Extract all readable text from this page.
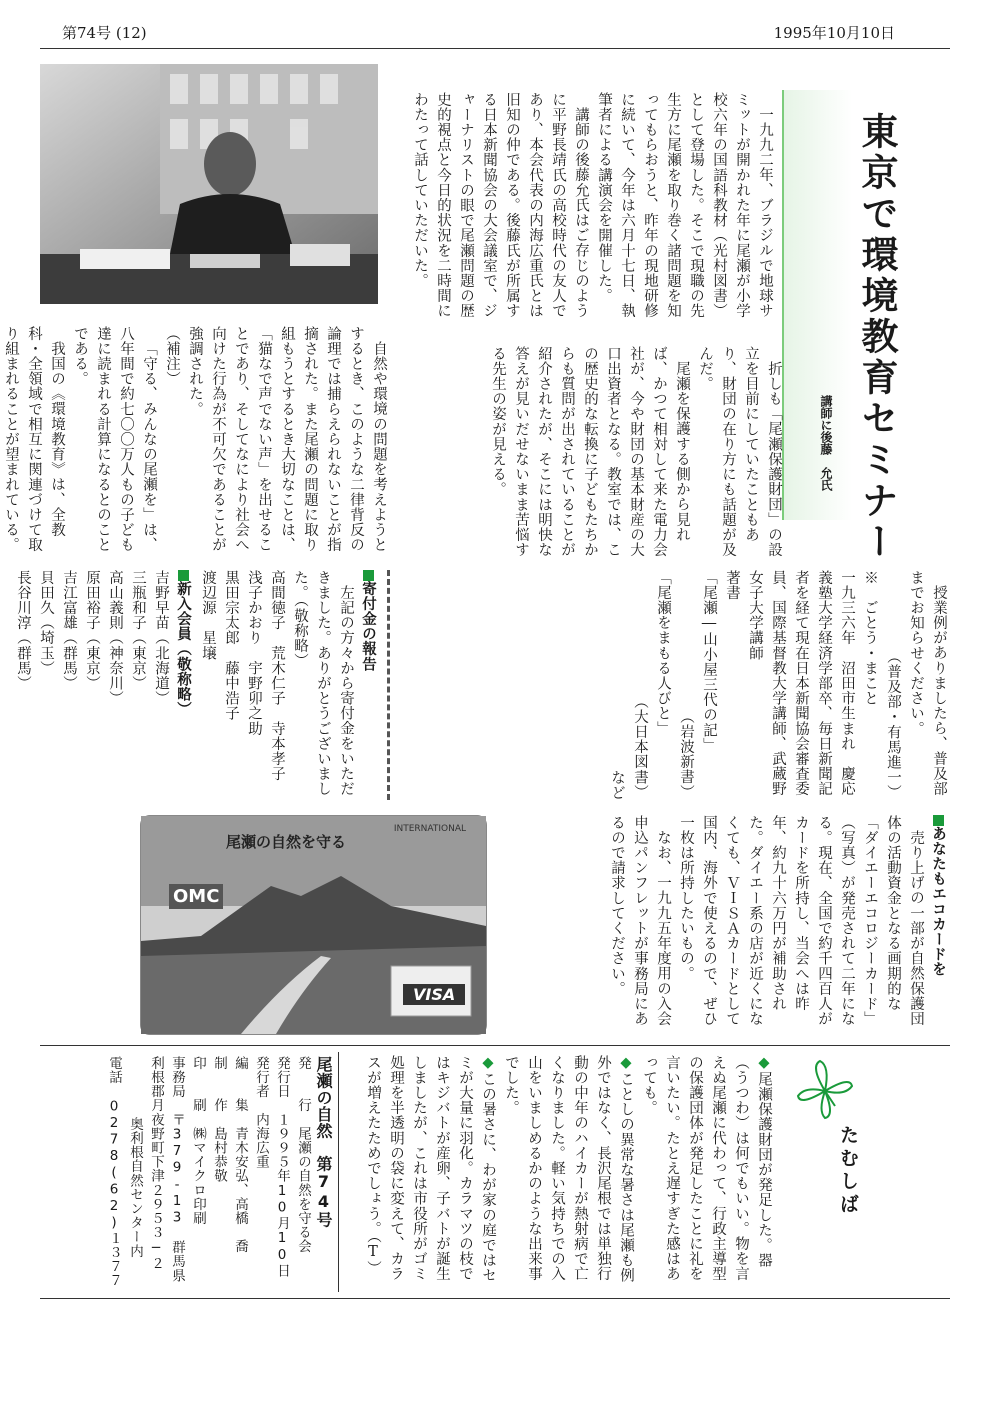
第74号 (12)	1995年10月10日

一九九二年、ブラジルで地球サミットが開かれた年に尾瀬が小学校六年の国語科教材（光村図書）として登場した。そこで現職の先生方に尾瀬を取り巻く諸問題を知ってもらおうと、昨年の現地研修に続いて、今年は六月十七日、執筆者による講演会を開催した。

講師の後藤允氏はご存じのように平野長靖氏の高校時代の友人であり、本会代表の内海広重氏とは旧知の仲である。後藤氏が所属する日本新聞協会の大会議室で、ジャーナリストの眼で尾瀬問題の歴史的視点と今日的状況を二時間にわたって話していただいた。	東京で環境教育セミナー
講師に後藤　允氏

折しも「尾瀬保護財団」の設立を目前にしていたこともあり、財団の在り方にも話題が及んだ。

尾瀬を保護する側から見れば、かつて相対して来た電力会社が、今や財団の基本財産の大口出資者となる。教室では、この歴史的な転換に子どもたちからも質問が出されていることが紹介されたが、そこには明快な答えが見いだせないまま苦悩する先生の姿が見える。

自然や環境の問題を考えようとするとき、このような二律背反の論理では捕らえられないことが指摘された。また尾瀬の問題に取り組もうとするとき大切なことは、「猫なで声でない声」を出せることであり、そしてなにより社会へ向けた行為が不可欠であることが強調された。

（補注）

「守る、みんなの尾瀬を」は、八年間で約七〇〇万人もの子ども達に読まれる計算になるとのことである。

我国の《環境教育》は、全教科・全領域で相互に関連づけて取り組まれることが望まれている。

授業例がありましたら、普及部までお知らせください。

（普及部・有馬進一）

※　ごとう・まこと

一九三六年　沼田市生まれ　慶応義塾大学経済学部卒、毎日新聞記者を経て現在日本新聞協会審査委員、国際基督教大学講師、武蔵野女子大学講師

著書

「尾瀬―山小屋三代の記」

（岩波新書）

「尾瀬をまもる人びと」

（大日本図書）

など

寄付金の報告

左記の方々から寄付金をいただきました。ありがとうございました。（敬称略）

高間徳子　荒木仁子　寺本孝子

浅子かおり　宇野卯之助

黒田宗太郎　藤中浩子

渡辺源　星壌

新入会員（敬称略）

吉野早苗（北海道）

三瓶和子（東京）

高山義則（神奈川）

原田裕子（東京）

吉江富雄（群馬）

貝田久（埼玉）

長谷川淳（群馬）

尾瀬の自然を守る
INTERNATIONAL
OMC
VISA

あなたもエコカードを

売り上げの一部が自然保護団体の活動資金となる画期的な「ダイエーエコロジーカード」（写真）が発売されて二年になる。現在、全国で約千四百人がカードを所持し、当会へは昨年、約九十六万円が補助された。ダイエー系の店が近くになくても、ＶＩＳＡカードとして国内、海外で使えるので、ぜひ一枚は所持したいもの。

なお、一九九五年度用の入会申込パンフレットが事務局にあるので請求してください。

たむしば

◆尾瀬保護財団が発足した。器（うつわ）は何でもいい。物を言えぬ尾瀬に代わって、行政主導型の保護団体が発足したことに礼を言いたい。たとえ遅すぎた感はあっても。

◆ことしの異常な暑さは尾瀬も例外ではなく、長沢尾根では単独行動の中年のハイカーが熱射病で亡くなりました。軽い気持ちでの入山をいましめるかのような出来事でした。

◆この暑さに、わが家の庭ではセミが大量に羽化。カラマツの枝ではキジバトが産卵、子バトが誕生しましたが、これは市役所がゴミ処理を半透明の袋に変えて、カラスが増えたためでしょう。（T）

尾瀬の自然　第74号

発　　行　尾瀬の自然を守る会

発行日　１９９５年10月10日

発行者　内海広重

編　　集　青木安弘、高橋　喬

制　　作　島村恭敬

印　　刷　㈱マイクロ印刷

事務局　〒379-13　群馬県利根郡月夜野町下津２９５３−２

奥利根自然センター内

電話　0278(62)１３７７
